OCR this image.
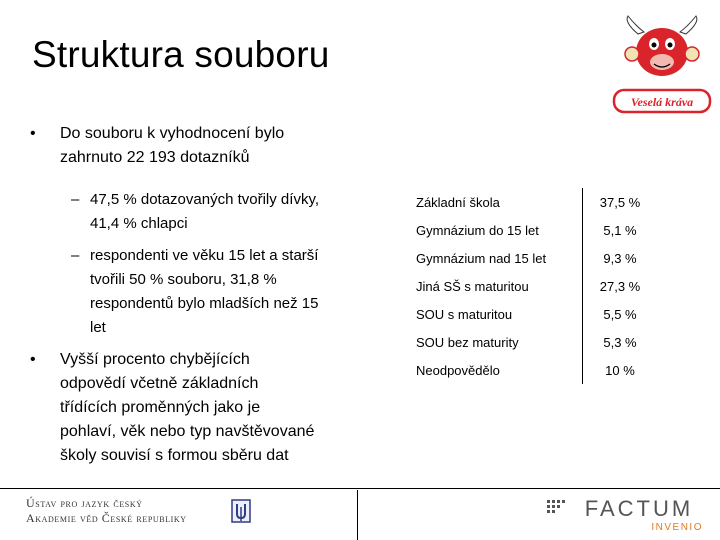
Struktura souboru
Veselá kráva
• Do souboru k vyhodnocení bylo
zahrnuto 22 193 dotazníků
– 47,5 % dotazovaných tvořily dívky,
41,4 % chlapci
– respondenti ve věku 15 let a starší
tvořili 50 % souboru, 31,8 %
respondentů bylo mladších než 15
let
• Vyšší procento chybějících
odpovědí včetně základních
třídících proměnných jako je
pohlaví, věk nebo typ navštěvované
školy souvisí s formou sběru dat
Základní škola	37,5 %
Gymnázium do 15 let	5,1 %
Gymnázium nad 15 let	9,3 %
Jiná SŠ s maturitou	27,3 %
SOU s maturitou	5,5 %
SOU bez maturity	5,3 %
Neodpovědělo	10 %
Ústav pro jazyk český
Akademie věd České republiky	FACTUM
INVENIO
